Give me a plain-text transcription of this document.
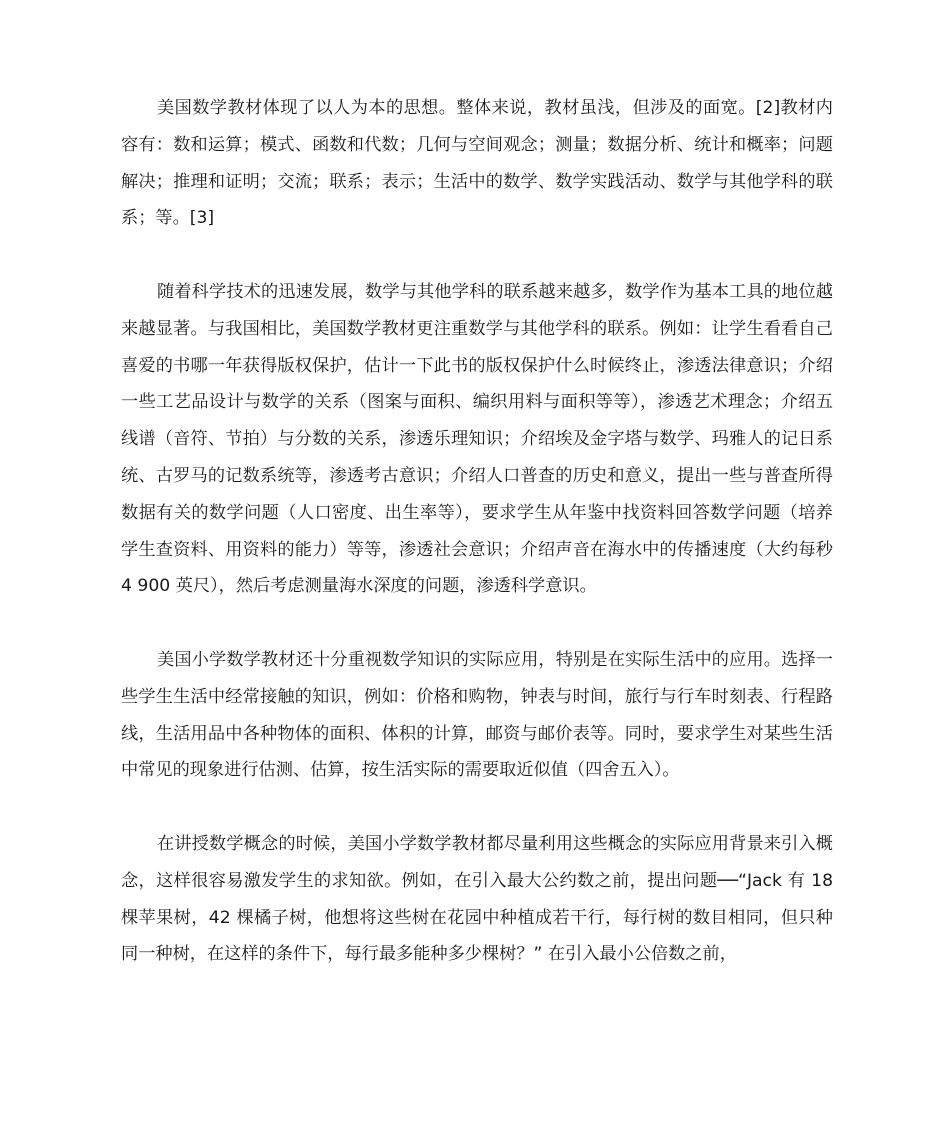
美国数学教材体现了以人为本的思想。整体来说，教材虽浅，但涉及的面宽。[2]教材内容有：数和运算；模式、函数和代数；几何与空间观念；测量；数据分析、统计和概率；问题解决；推理和证明；交流；联系；表示；生活中的数学、数学实践活动、数学与其他学科的联系；等。[3]

随着科学技术的迅速发展，数学与其他学科的联系越来越多，数学作为基本工具的地位越来越显著。与我国相比，美国数学教材更注重数学与其他学科的联系。例如：让学生看看自己喜爱的书哪一年获得版权保护，估计一下此书的版权保护什么时候终止，渗透法律意识；介绍一些工艺品设计与数学的关系（图案与面积、编织用料与面积等等），渗透艺术理念；介绍五线谱（音符、节拍）与分数的关系，渗透乐理知识；介绍埃及金字塔与数学、玛雅人的记日系统、古罗马的记数系统等，渗透考古意识；介绍人口普查的历史和意义，提出一些与普查所得数据有关的数学问题（人口密度、出生率等），要求学生从年鉴中找资料回答数学问题（培养学生查资料、用资料的能力）等等，渗透社会意识；介绍声音在海水中的传播速度（大约每秒 4 900 英尺），然后考虑测量海水深度的问题，渗透科学意识。

美国小学数学教材还十分重视数学知识的实际应用，特别是在实际生活中的应用。选择一些学生生活中经常接触的知识，例如：价格和购物，钟表与时间，旅行与行车时刻表、行程路线，生活用品中各种物体的面积、体积的计算，邮资与邮价表等。同时，要求学生对某些生活中常见的现象进行估测、估算，按生活实际的需要取近似值（四舍五入）。

在讲授数学概念的时候，美国小学数学教材都尽量利用这些概念的实际应用背景来引入概念，这样很容易激发学生的求知欲。例如，在引入最大公约数之前，提出问题──“Jack 有 18 棵苹果树，42 棵橘子树，他想将这些树在花园中种植成若干行，每行树的数目相同，但只种同一种树，在这样的条件下，每行最多能种多少棵树？” 在引入最小公倍数之前，
